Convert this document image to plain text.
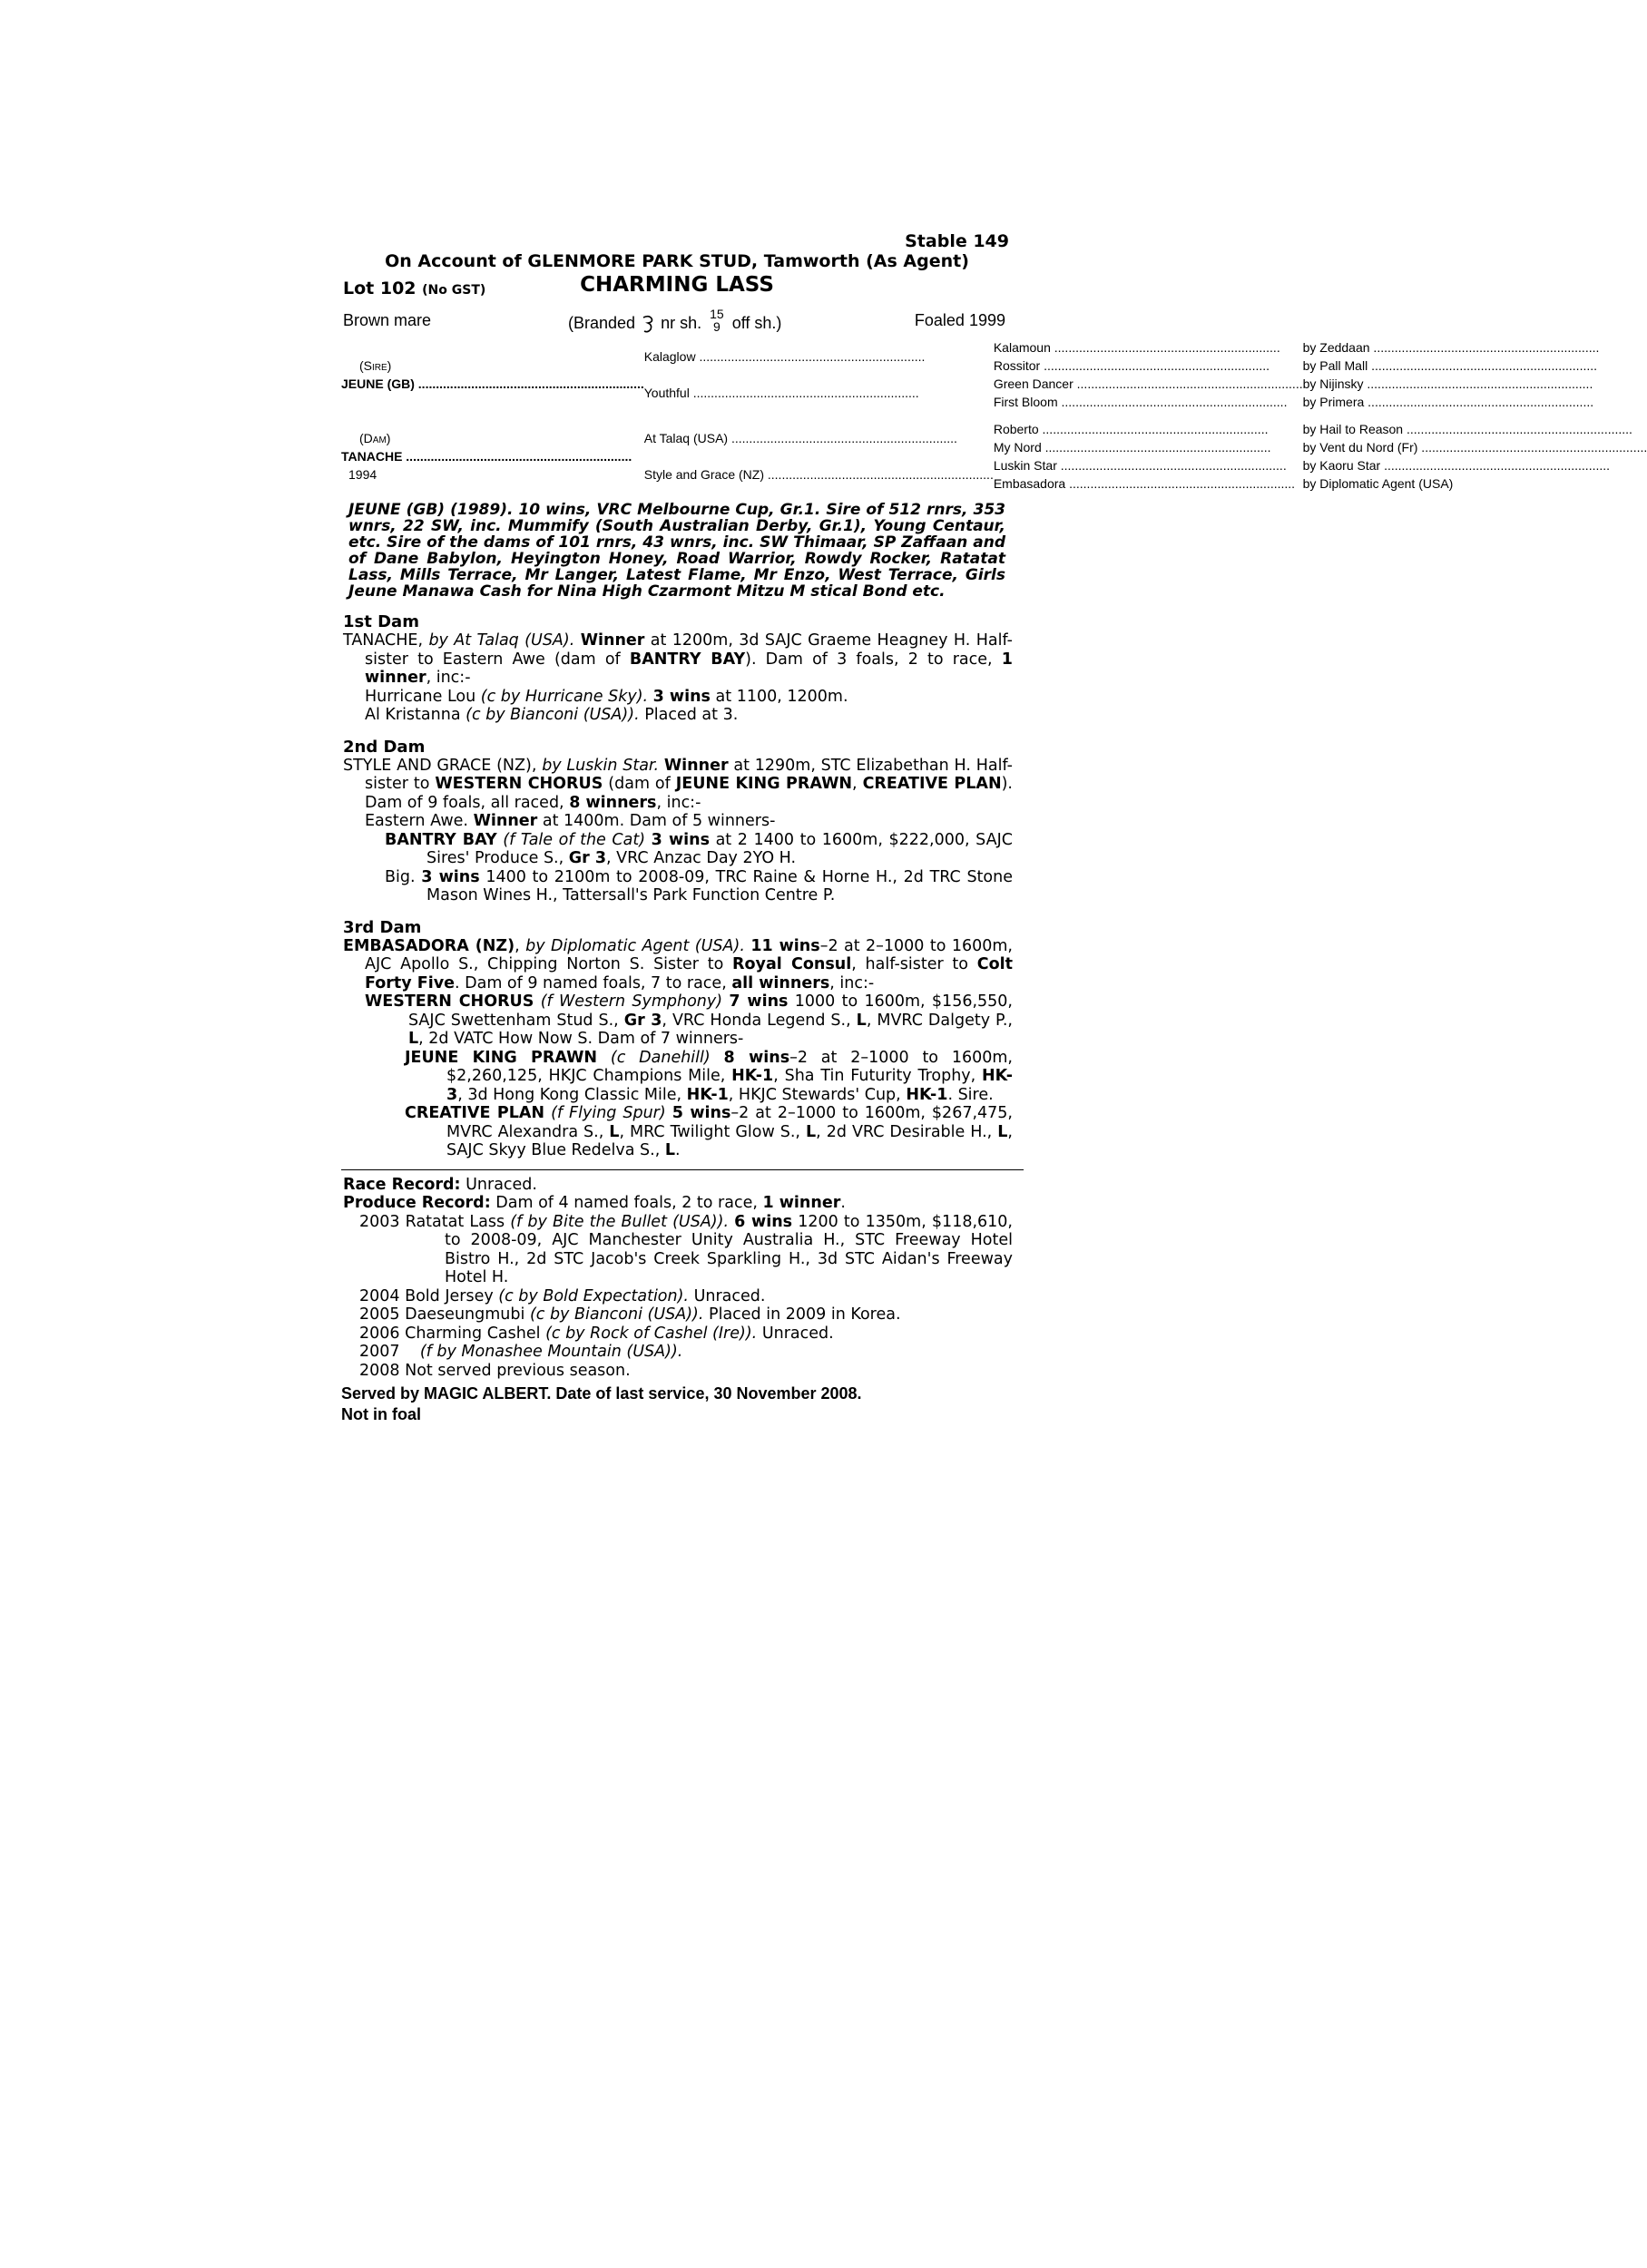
Stable 149
On Account of GLENMORE PARK STUD, Tamworth (As Agent)
Lot 102 (No GST)	CHARMING LASS
Brown mare	(Branded nr sh. 15
9 off sh.)	Foaled 1999
(Sire)
JEUNE (GB) .....	Kalaglow .....	Kalamoun .....	by Zeddaan .....

		Rossitor .....	by Pall Mall .....

	Youthful .....	Green Dancer .....	by Nijinsky .....

		First Bloom .....	by Primera .....

(Dam)
TANACHE .....
1994	At Talaq (USA) .....	Roberto .....	by Hail to Reason .....

		My Nord .....	by Vent du Nord (Fr) .....

	Style and Grace (NZ) .....	Luskin Star .....	by Kaoru Star .....

		Embasadora .....	by Diplomatic Agent (USA)
JEUNE (GB) (1989). 10 wins, VRC Melbourne Cup, Gr.1. Sire of 512 rnrs, 353 wnrs, 22 SW, inc. Mummify (South Australian Derby, Gr.1), Young Centaur, etc. Sire of the dams of 101 rnrs, 43 wnrs, inc. SW Thimaar, SP Zaffaan and of Dane Babylon, Heyington Honey, Road Warrior, Rowdy Rocker, Ratatat Lass, Mills Terrace, Mr Langer, Latest Flame, Mr Enzo, West Terrace, Girls Jeune Manawa Cash for Nina High Czarmont Mitzu M stical Bond etc.
1st Dam

TANACHE, by At Talaq (USA). Winner at 1200m, 3d SAJC Graeme Heagney H. Half-sister to Eastern Awe (dam of BANTRY BAY). Dam of 3 foals, 2 to race, 1 winner, inc:-

Hurricane Lou (c by Hurricane Sky). 3 wins at 1100, 1200m.

Al Kristanna (c by Bianconi (USA)). Placed at 3.

2nd Dam

STYLE AND GRACE (NZ), by Luskin Star. Winner at 1290m, STC Elizabethan H. Half-sister to WESTERN CHORUS (dam of JEUNE KING PRAWN, CREATIVE PLAN). Dam of 9 foals, all raced, 8 winners, inc:-

Eastern Awe. Winner at 1400m. Dam of 5 winners-

BANTRY BAY (f Tale of the Cat) 3 wins at 2 1400 to 1600m, $222,000, SAJC Sires' Produce S., Gr 3, VRC Anzac Day 2YO H.

Big. 3 wins 1400 to 2100m to 2008-09, TRC Raine & Horne H., 2d TRC Stone Mason Wines H., Tattersall's Park Function Centre P.

3rd Dam

EMBASADORA (NZ), by Diplomatic Agent (USA). 11 wins–2 at 2–1000 to 1600m, AJC Apollo S., Chipping Norton S. Sister to Royal Consul, half-sister to Colt Forty Five. Dam of 9 named foals, 7 to race, all winners, inc:-

WESTERN CHORUS (f Western Symphony) 7 wins 1000 to 1600m, $156,550, SAJC Swettenham Stud S., Gr 3, VRC Honda Legend S., L, MVRC Dalgety P., L, 2d VATC How Now S. Dam of 7 winners-

JEUNE KING PRAWN (c Danehill) 8 wins–2 at 2–1000 to 1600m, $2,260,125, HKJC Champions Mile, HK-1, Sha Tin Futurity Trophy, HK-3, 3d Hong Kong Classic Mile, HK-1, HKJC Stewards' Cup, HK-1. Sire.

CREATIVE PLAN (f Flying Spur) 5 wins–2 at 2–1000 to 1600m, $267,475, MVRC Alexandra S., L, MRC Twilight Glow S., L, 2d VRC Desirable H., L, SAJC Skyy Blue Redelva S., L.

Race Record: Unraced.

Produce Record: Dam of 4 named foals, 2 to race, 1 winner.

2003 Ratatat Lass (f by Bite the Bullet (USA)). 6 wins 1200 to 1350m, $118,610, to 2008-09, AJC Manchester Unity Australia H., STC Freeway Hotel Bistro H., 2d STC Jacob's Creek Sparkling H., 3d STC Aidan's Freeway Hotel H.

2004 Bold Jersey (c by Bold Expectation). Unraced.

2005 Daeseungmubi (c by Bianconi (USA)). Placed in 2009 in Korea.

2006 Charming Cashel (c by Rock of Cashel (Ire)). Unraced.

2007 (f by Monashee Mountain (USA)).

2008 Not served previous season.

Served by MAGIC ALBERT. Date of last service, 30 November 2008.
Not in foal
